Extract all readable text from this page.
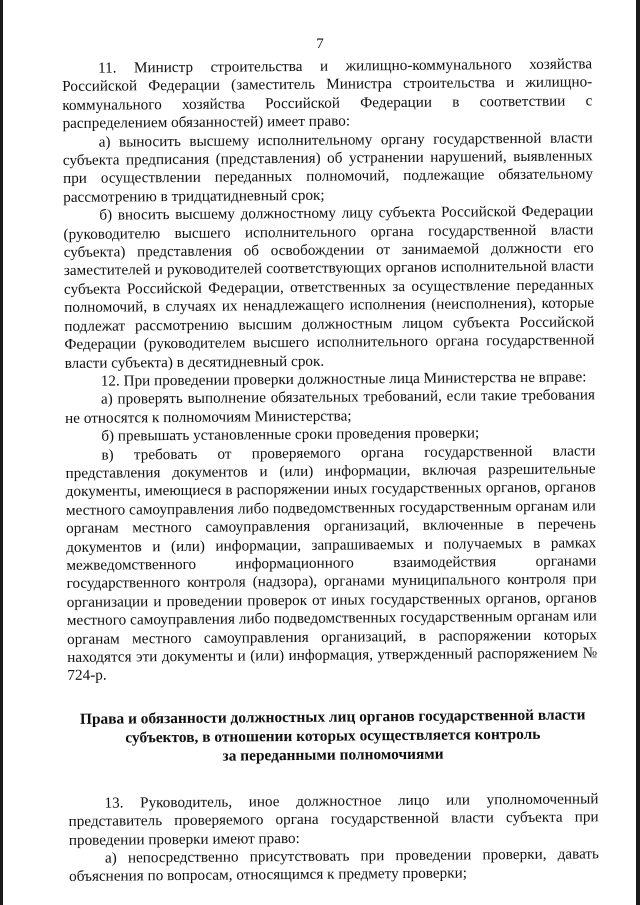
7

11. Министр строительства и жилищно-коммунального хозяйства Российской Федерации (заместитель Министра строительства и жилищно-коммунального хозяйства Российской Федерации в соответствии с распределением обязанностей) имеет право:

а) выносить высшему исполнительному органу государственной власти субъекта предписания (представления) об устранении нарушений, выявленных при осуществлении переданных полномочий, подлежащие обязательному рассмотрению в тридцатидневный срок;

б) вносить высшему должностному лицу субъекта Российской Федерации (руководителю высшего исполнительного органа государственной власти субъекта) представления об освобождении от занимаемой должности его заместителей и руководителей соответствующих органов исполнительной власти субъекта Российской Федерации, ответственных за осуществление переданных полномочий, в случаях их ненадлежащего исполнения (неисполнения), которые подлежат рассмотрению высшим должностным лицом субъекта Российской Федерации (руководителем высшего исполнительного органа государственной власти субъекта) в десятидневный срок.

12. При проведении проверки должностные лица Министерства не вправе:

а) проверять выполнение обязательных требований, если такие требования не относятся к полномочиям Министерства;

б) превышать установленные сроки проведения проверки;

в) требовать от проверяемого органа государственной власти представления документов и (или) информации, включая разрешительные документы, имеющиеся в распоряжении иных государственных органов, органов местного самоуправления либо подведомственных государственным органам или органам местного самоуправления организаций, включенные в перечень документов и (или) информации, запрашиваемых и получаемых в рамках межведомственного информационного взаимодействия органами государственного контроля (надзора), органами муниципального контроля при организации и проведении проверок от иных государственных органов, органов местного самоуправления либо подведомственных государственным органам или органам местного самоуправления организаций, в распоряжении которых находятся эти документы и (или) информация, утвержденный распоряжением № 724-р.

Права и обязанности должностных лиц органов государственной власти
субъектов, в отношении которых осуществляется контроль
за переданными полномочиями

13. Руководитель, иное должностное лицо или уполномоченный представитель проверяемого органа государственной власти субъекта при проведении проверки имеют право:

а) непосредственно присутствовать при проведении проверки, давать объяснения по вопросам, относящимся к предмету проверки;
